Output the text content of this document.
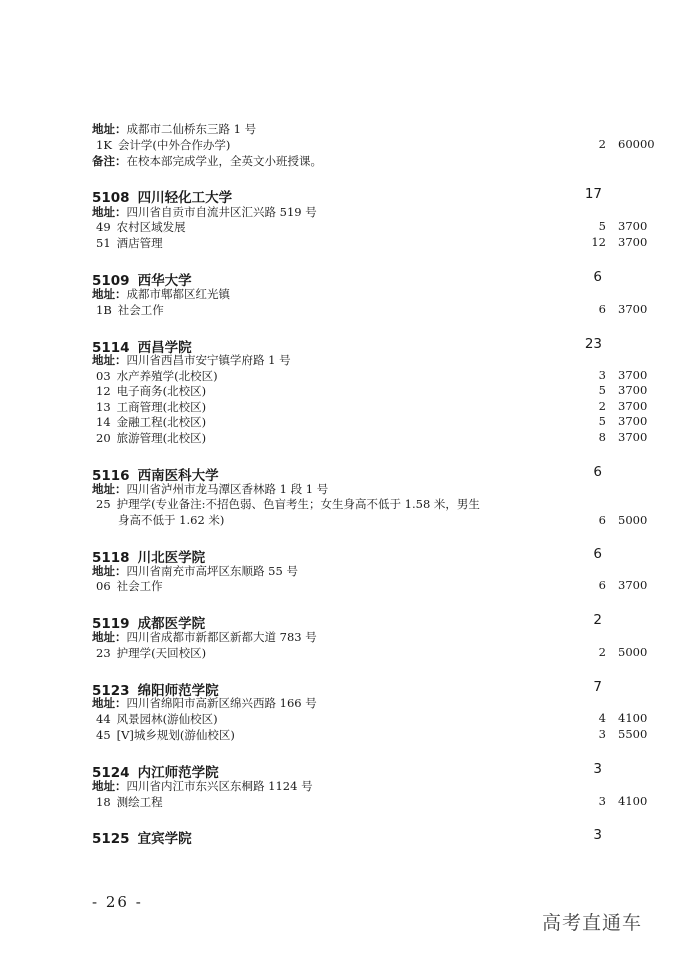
地址：成都市二仙桥东三路 1 号
1K 会计学(中外合作办学)	2 60000
备注：在校本部完成学业，全英文小班授课。
5108 四川轻化工大学	17
地址：四川省自贡市自流井区汇兴路 519 号
49 农村区域发展	5 3700
51 酒店管理	12 3700
5109 西华大学	6
地址：成都市郫都区红光镇
1B 社会工作	6 3700
5114 西昌学院	23
地址：四川省西昌市安宁镇学府路 1 号
03 水产养殖学(北校区)	3 3700
12 电子商务(北校区)	5 3700
13 工商管理(北校区)	2 3700
14 金融工程(北校区)	5 3700
20 旅游管理(北校区)	8 3700
5116 西南医科大学	6
地址：四川省泸州市龙马潭区香林路 1 段 1 号
25 护理学(专业备注:不招色弱、色盲考生；女生身高不低于 1.58 米，男生
身高不低于 1.62 米)	6 5000
5118 川北医学院	6
地址：四川省南充市高坪区东顺路 55 号
06 社会工作	6 3700
5119 成都医学院	2
地址：四川省成都市新都区新都大道 783 号
23 护理学(天回校区)	2 5000
5123 绵阳师范学院	7
地址：四川省绵阳市高新区绵兴西路 166 号
44 风景园林(游仙校区)	4 4100
45 [Ⅴ]城乡规划(游仙校区)	3 5500
5124 内江师范学院	3
地址：四川省内江市东兴区东桐路 1124 号
18 测绘工程	3 4100
5125 宜宾学院	3
- 26 -
高考直通车
